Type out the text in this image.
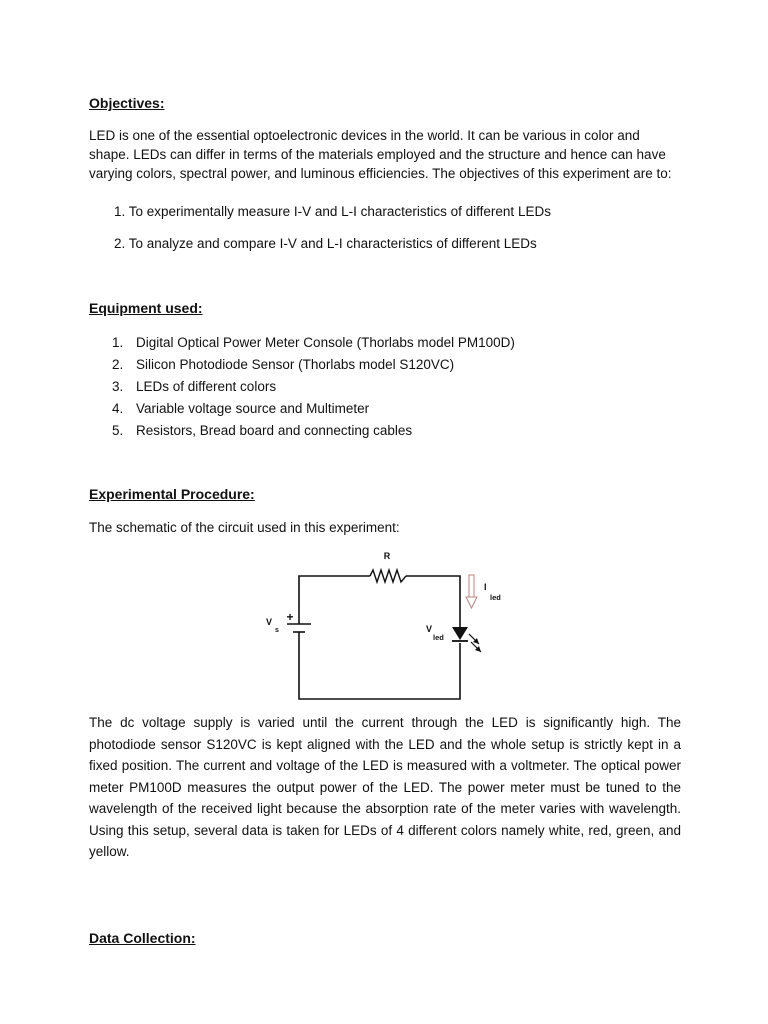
Objectives:

LED is one of the essential optoelectronic devices in the world. It can be various in color and shape. LEDs can differ in terms of the materials employed and the structure and hence can have varying colors, spectral power, and luminous efficiencies. The objectives of this experiment are to:

1. To experimentally measure I-V and L-I characteristics of different LEDs

2. To analyze and compare I-V and L-I characteristics of different LEDs

Equipment used:
1. Digital Optical Power Meter Console (Thorlabs model PM100D)
2. Silicon Photodiode Sensor (Thorlabs model S120VC)
3. LEDs of different colors
4. Variable voltage source and Multimeter
5. Resistors, Bread board and connecting cables
Experimental Procedure:

The schematic of the circuit used in this experiment:

R
+
V
s	V
led
I
led

The dc voltage supply is varied until the current through the LED is significantly high. The photodiode sensor S120VC is kept aligned with the LED and the whole setup is strictly kept in a fixed position. The current and voltage of the LED is measured with a voltmeter. The optical power meter PM100D measures the output power of the LED. The power meter must be tuned to the wavelength of the received light because the absorption rate of the meter varies with wavelength. Using this setup, several data is taken for LEDs of 4 different colors namely white, red, green, and yellow.

Data Collection:
